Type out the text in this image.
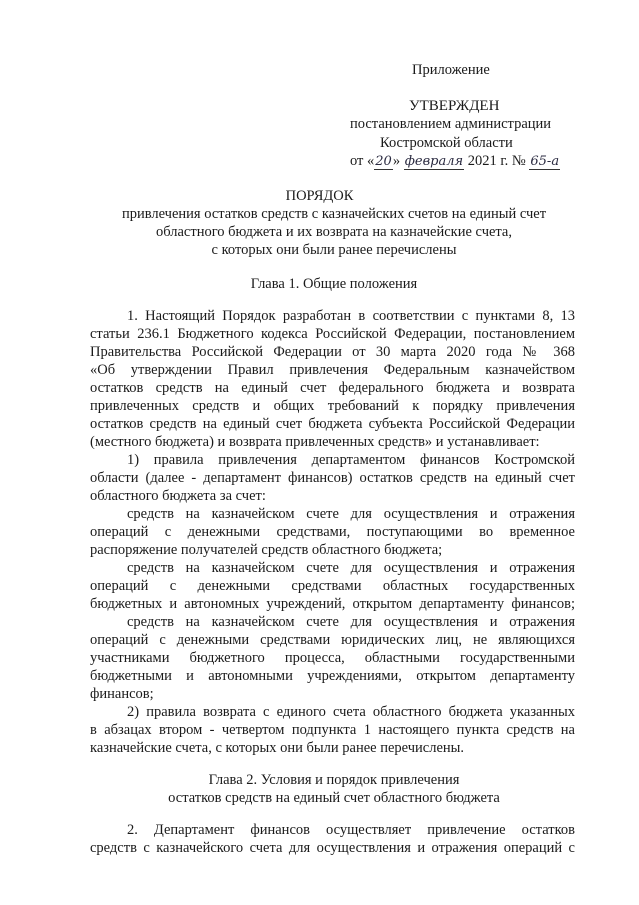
Приложение
УТВЕРЖДЕН
постановлением администрации
Костромской области
от «20» февраля 2021 г. № 65-а
ПОРЯДОК
привлечения остатков средств с казначейских счетов на единый счет
областного бюджета и их возврата на казначейские счета,
с которых они были ранее перечислены
Глава 1. Общие положения
1. Настоящий Порядок разработан в соответствии с пунктами 8, 13
статьи 236.1 Бюджетного кодекса Российской Федерации, постановлением
Правительства Российской Федерации от 30 марта 2020 года № 368
«Об утверждении Правил привлечения Федеральным казначейством
остатков средств на единый счет федерального бюджета и возврата
привлеченных средств и общих требований к порядку привлечения
остатков средств на единый счет бюджета субъекта Российской Федерации
(местного бюджета) и возврата привлеченных средств» и устанавливает:
1) правила привлечения департаментом финансов Костромской
области (далее - департамент финансов) остатков средств на единый счет
областного бюджета за счет:
средств на казначейском счете для осуществления и отражения
операций с денежными средствами, поступающими во временное
распоряжение получателей средств областного бюджета;
средств на казначейском счете для осуществления и отражения
операций с денежными средствами областных государственных
бюджетных и автономных учреждений, открытом департаменту финансов;
средств на казначейском счете для осуществления и отражения
операций с денежными средствами юридических лиц, не являющихся
участниками бюджетного процесса, областными государственными
бюджетными и автономными учреждениями, открытом департаменту
финансов;
2) правила возврата с единого счета областного бюджета указанных
в абзацах втором - четвертом подпункта 1 настоящего пункта средств на
казначейские счета, с которых они были ранее перечислены.
Глава 2. Условия и порядок привлечения
остатков средств на единый счет областного бюджета
2. Департамент финансов осуществляет привлечение остатков
средств с казначейского счета для осуществления и отражения операций с
